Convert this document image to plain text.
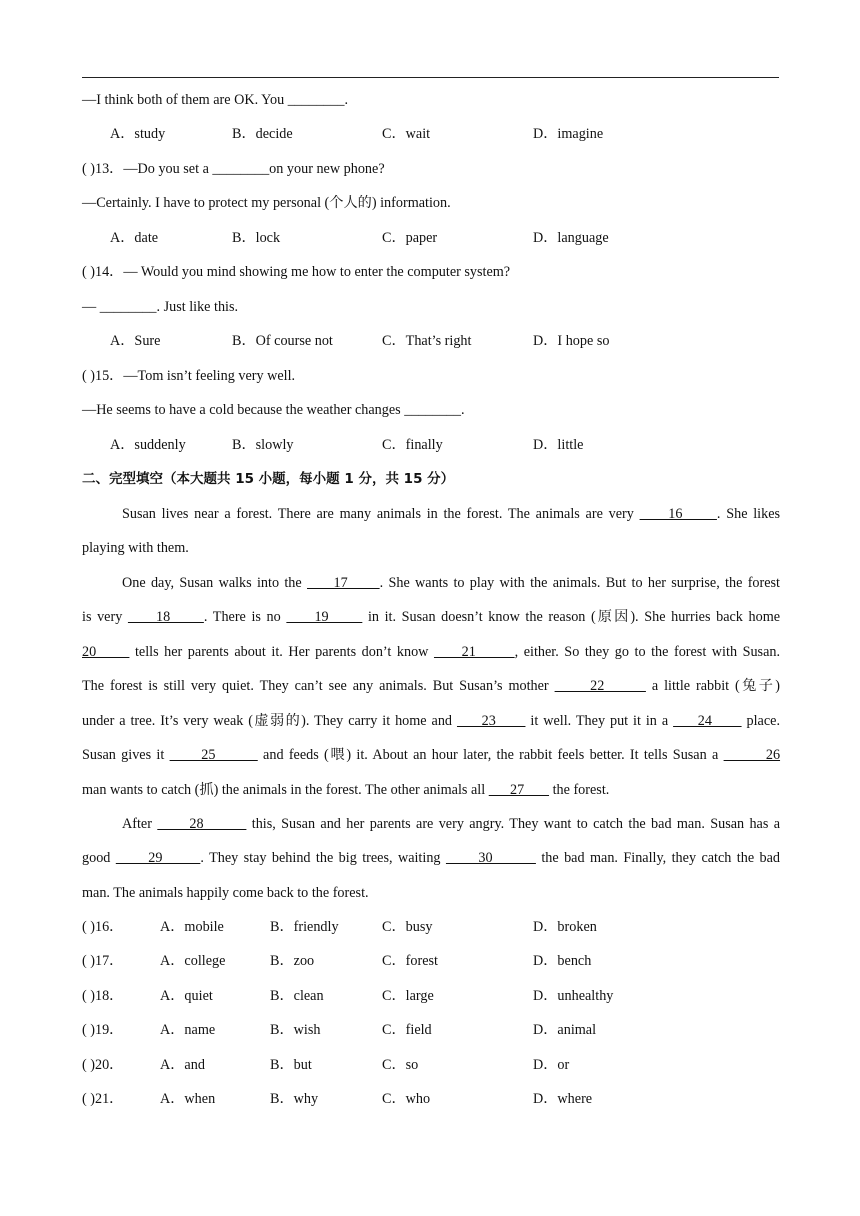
—I think both of them are OK. You ________.
A．study	B．decide	C．wait	D．imagine
( )13．—Do you set a ________on your new phone?
—Certainly. I have to protect my personal (个人的) information.
A．date	B．lock	C．paper	D．language
( )14．— Would you mind showing me how to enter the computer system?
— ________. Just like this.
A．Sure	B．Of course not	C．That’s right	D．I hope so
( )15．—Tom isn’t feeling very well.
—He seems to have a cold because the weather changes ________.
A．suddenly	B．slowly	C．finally	D．little
二、完型填空（本大题共 15 小题，每小题 1 分，共 15 分）
Susan lives near a forest. There are many animals in the forest. The animals are very      16      . She likes
playing with them.
One day, Susan walks into the      17      . She wants to play with the animals. But to her surprise, the forest
is very      18      . There is no      19       in it. Susan doesn’t know the reason (原因). She hurries back home
20       tells her parents about it. Her parents don’t know      21       , either. So they go to the forest with Susan.
The forest is still very quiet. They can’t see any animals. But Susan’s mother       22        a little rabbit (兔子)
under a tree. It’s very weak (虚弱的). They carry it home and      23       it well. They put it in a      24       place.
Susan gives it       25         and feeds (喂) it. About an hour later, the rabbit feels better. It tells Susan a         26
man wants to catch (抓) the animals in the forest. The other animals all       27        the forest.
After       28         this, Susan and her parents are very angry. They want to catch the bad man. Susan has a
good       29       . They stay behind the big trees, waiting       30         the bad man. Finally, they catch the bad
man. The animals happily come back to the forest.
( )16．	A．mobile	B．friendly	C．busy	D．broken
( )17．	A．college	B．zoo	C．forest	D．bench
( )18．	A．quiet	B．clean	C．large	D．unhealthy
( )19．	A．name	B．wish	C．field	D．animal
( )20．	A．and	B．but	C．so	D．or
( )21．	A．when	B．why	C．who	D．where
